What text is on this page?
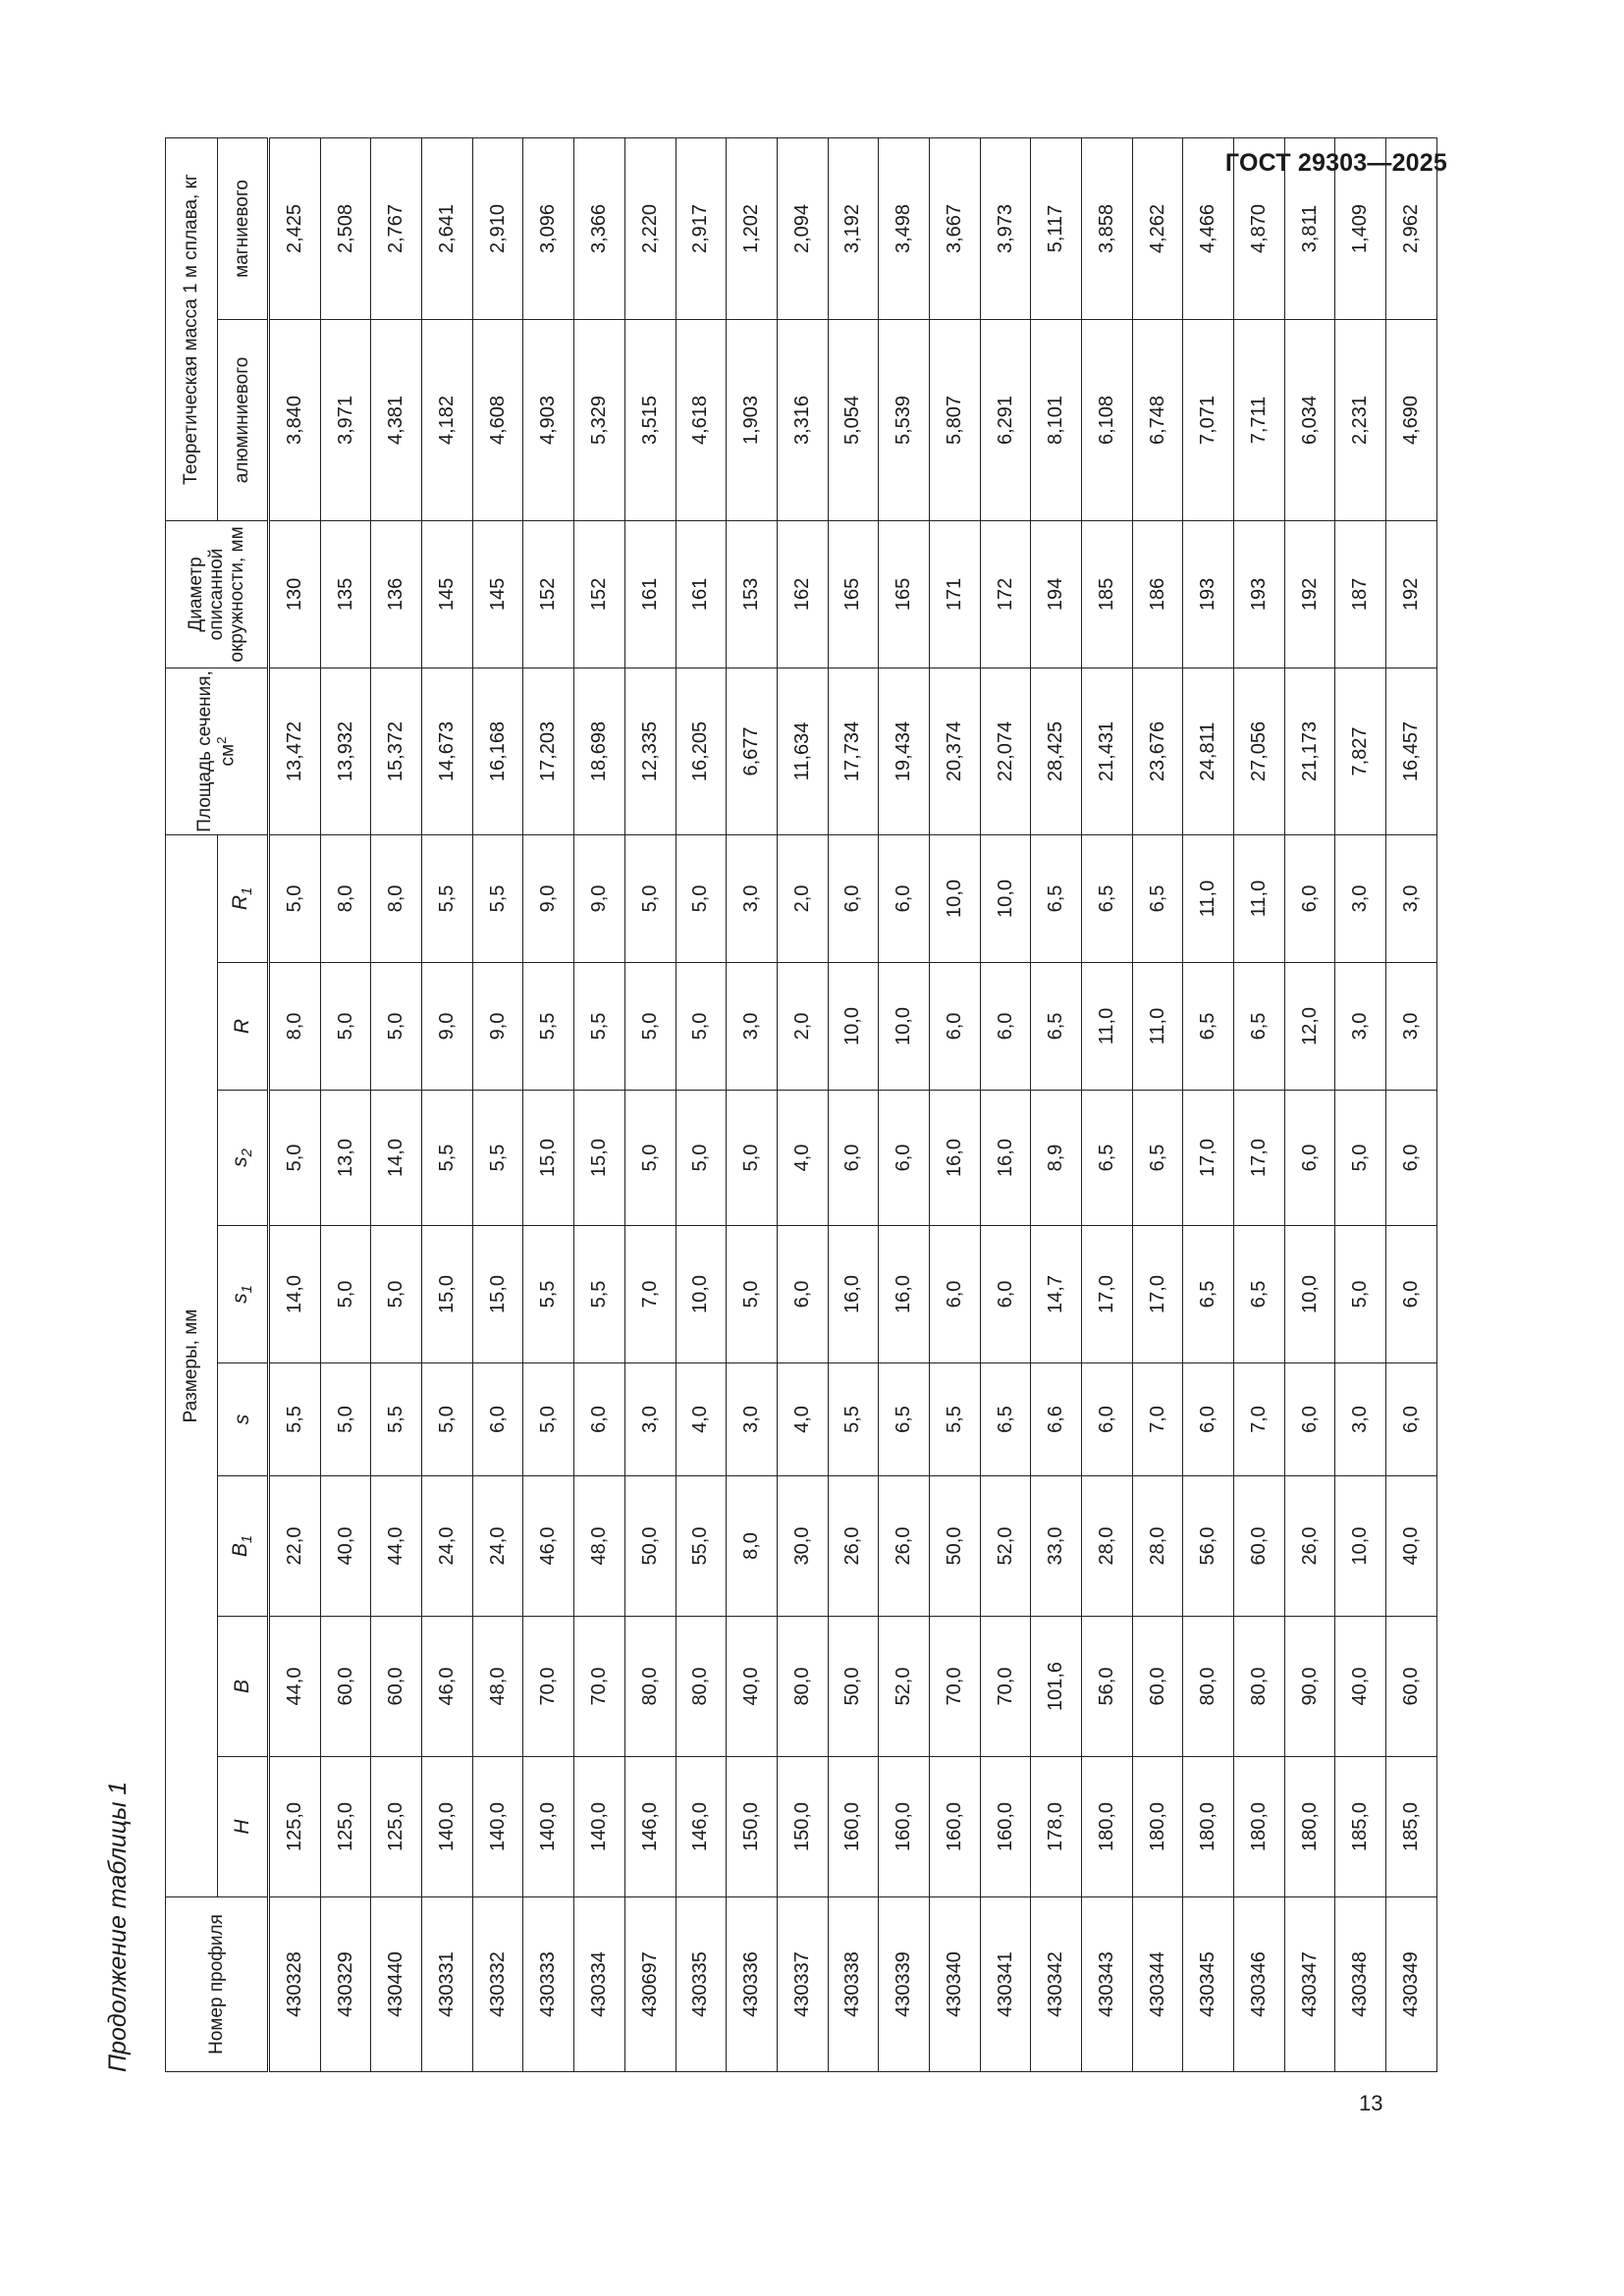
ГОСТ 29303—2025
Продолжение таблицы 1	Номер профиля	Размеры, мм								Площадь сечения, $см^2$	Диаметр описанной окружности, мм	Теоретическая масса 1 м сплава, кг	
	H	B	$B_1$	s	$s_1$	$s_2$	R	$R_1$			алюминиевого	магниевого
430328	125,0	44,0	22,0	5,5	14,0	5,0	8,0	5,0	13,472	130	3,840	2,425
430329	125,0	60,0	40,0	5,0	5,0	13,0	5,0	8,0	13,932	135	3,971	2,508
430440	125,0	60,0	44,0	5,5	5,0	14,0	5,0	8,0	15,372	136	4,381	2,767
430331	140,0	46,0	24,0	5,0	15,0	5,5	9,0	5,5	14,673	145	4,182	2,641
430332	140,0	48,0	24,0	6,0	15,0	5,5	9,0	5,5	16,168	145	4,608	2,910
430333	140,0	70,0	46,0	5,0	5,5	15,0	5,5	9,0	17,203	152	4,903	3,096
430334	140,0	70,0	48,0	6,0	5,5	15,0	5,5	9,0	18,698	152	5,329	3,366
430697	146,0	80,0	50,0	3,0	7,0	5,0	5,0	5,0	12,335	161	3,515	2,220
430335	146,0	80,0	55,0	4,0	10,0	5,0	5,0	5,0	16,205	161	4,618	2,917
430336	150,0	40,0	8,0	3,0	5,0	5,0	3,0	3,0	6,677	153	1,903	1,202
430337	150,0	80,0	30,0	4,0	6,0	4,0	2,0	2,0	11,634	162	3,316	2,094
430338	160,0	50,0	26,0	5,5	16,0	6,0	10,0	6,0	17,734	165	5,054	3,192
430339	160,0	52,0	26,0	6,5	16,0	6,0	10,0	6,0	19,434	165	5,539	3,498
430340	160,0	70,0	50,0	5,5	6,0	16,0	6,0	10,0	20,374	171	5,807	3,667
430341	160,0	70,0	52,0	6,5	6,0	16,0	6,0	10,0	22,074	172	6,291	3,973
430342	178,0	101,6	33,0	6,6	14,7	8,9	6,5	6,5	28,425	194	8,101	5,117
430343	180,0	56,0	28,0	6,0	17,0	6,5	11,0	6,5	21,431	185	6,108	3,858
430344	180,0	60,0	28,0	7,0	17,0	6,5	11,0	6,5	23,676	186	6,748	4,262
430345	180,0	80,0	56,0	6,0	6,5	17,0	6,5	11,0	24,811	193	7,071	4,466
430346	180,0	80,0	60,0	7,0	6,5	17,0	6,5	11,0	27,056	193	7,711	4,870
430347	180,0	90,0	26,0	6,0	10,0	6,0	12,0	6,0	21,173	192	6,034	3,811
430348	185,0	40,0	10,0	3,0	5,0	5,0	3,0	3,0	7,827	187	2,231	1,409
430349	185,0	60,0	40,0	6,0	6,0	6,0	3,0	3,0	16,457	192	4,690	2,962
13
